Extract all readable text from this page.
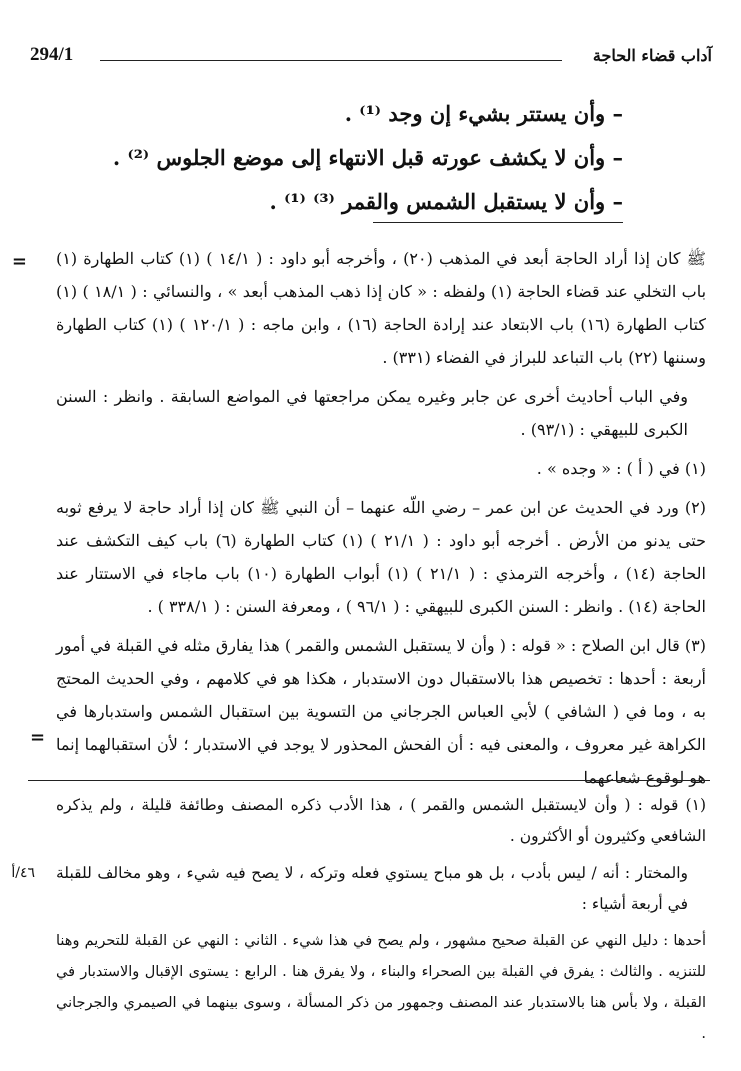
294/1	آداب قضاء الحاجة
– وأن يستتر بشيء إن وجد ⁽¹⁾ .
– وأن لا يكشف عورته قبل الانتهاء إلى موضع الجلوس ⁽²⁾ .
– وأن لا يستقبل الشمس والقمر ⁽³⁾ ⁽¹⁾ .
= ﷺ كان إذا أراد الحاجة أبعد في المذهب (٢٠) ، وأخرجه أبو داود : ( ١٤/١ ) (١) كتاب الطهارة (١) باب التخلي عند قضاء الحاجة (١) ولفظه : « كان إذا ذهب المذهب أبعد » ، والنسائي : ( ١٨/١ ) (١) كتاب الطهارة (١٦) باب الابتعاد عند إرادة الحاجة (١٦) ، وابن ماجه : ( ١٢٠/١ ) (١) كتاب الطهارة وسننها (٢٢) باب التباعد للبراز في الفضاء (٣٣١) .

وفي الباب أحاديث أخرى عن جابر وغيره يمكن مراجعتها في المواضع السابقة . وانظر : السنن الكبرى للبيهقي : (٩٣/١) .

(١) في ( أ ) : « وجده » .

(٢) ورد في الحديث عن ابن عمر – رضي اللّه عنهما – أن النبي ﷺ كان إذا أراد حاجة لا يرفع ثوبه حتى يدنو من الأرض . أخرجه أبو داود : ( ٢١/١ ) (١) كتاب الطهارة (٦) باب كيف التكشف عند الحاجة (١٤) ، وأخرجه الترمذي : ( ٢١/١ ) (١) أبواب الطهارة (١٠) باب ماجاء في الاستتار عند الحاجة (١٤) . وانظر : السنن الكبرى للبيهقي : ( ٩٦/١ ) ، ومعرفة السنن : ( ٣٣٨/١ ) .

(٣) قال ابن الصلاح : « قوله : ( وأن لا يستقبل الشمس والقمر ) هذا يفارق مثله في القبلة في أمور أربعة : أحدها : تخصيص هذا بالاستقبال دون الاستدبار ، هكذا هو في كلامهم ، وفي الحديث المحتج به ، وما في ( الشافي ) لأبي العباس الجرجاني من التسوية بين استقبال الشمس واستدبارها في الكراهة غير معروف ، والمعنى فيه : أن الفحش المحذور لا يوجد في الاستدبار ؛ لأن استقبالهما إنما هو لوقوع شعاعهما

=
٤٦/أ

(١) قوله : ( وأن لايستقبل الشمس والقمر ) ، هذا الأدب ذكره المصنف وطائفة قليلة ، ولم يذكره الشافعي وكثيرون أو الأكثرون .

والمختار : أنه / ليس بأدب ، بل هو مباح يستوي فعله وتركه ، لا يصح فيه شيء ، وهو مخالف للقبلة في أربعة أشياء :

أحدها : دليل النهي عن القبلة صحيح مشهور ، ولم يصح في هذا شيء . الثاني : النهي عن القبلة للتحريم وهنا للتنزيه . والثالث : يفرق في القبلة بين الصحراء والبناء ، ولا يفرق هنا . الرابع : يستوى الإقبال والاستدبار في القبلة ، ولا بأس هنا بالاستدبار عند المصنف وجمهور من ذكر المسألة ، وسوى بينهما في الصيمري والجرجاني .
